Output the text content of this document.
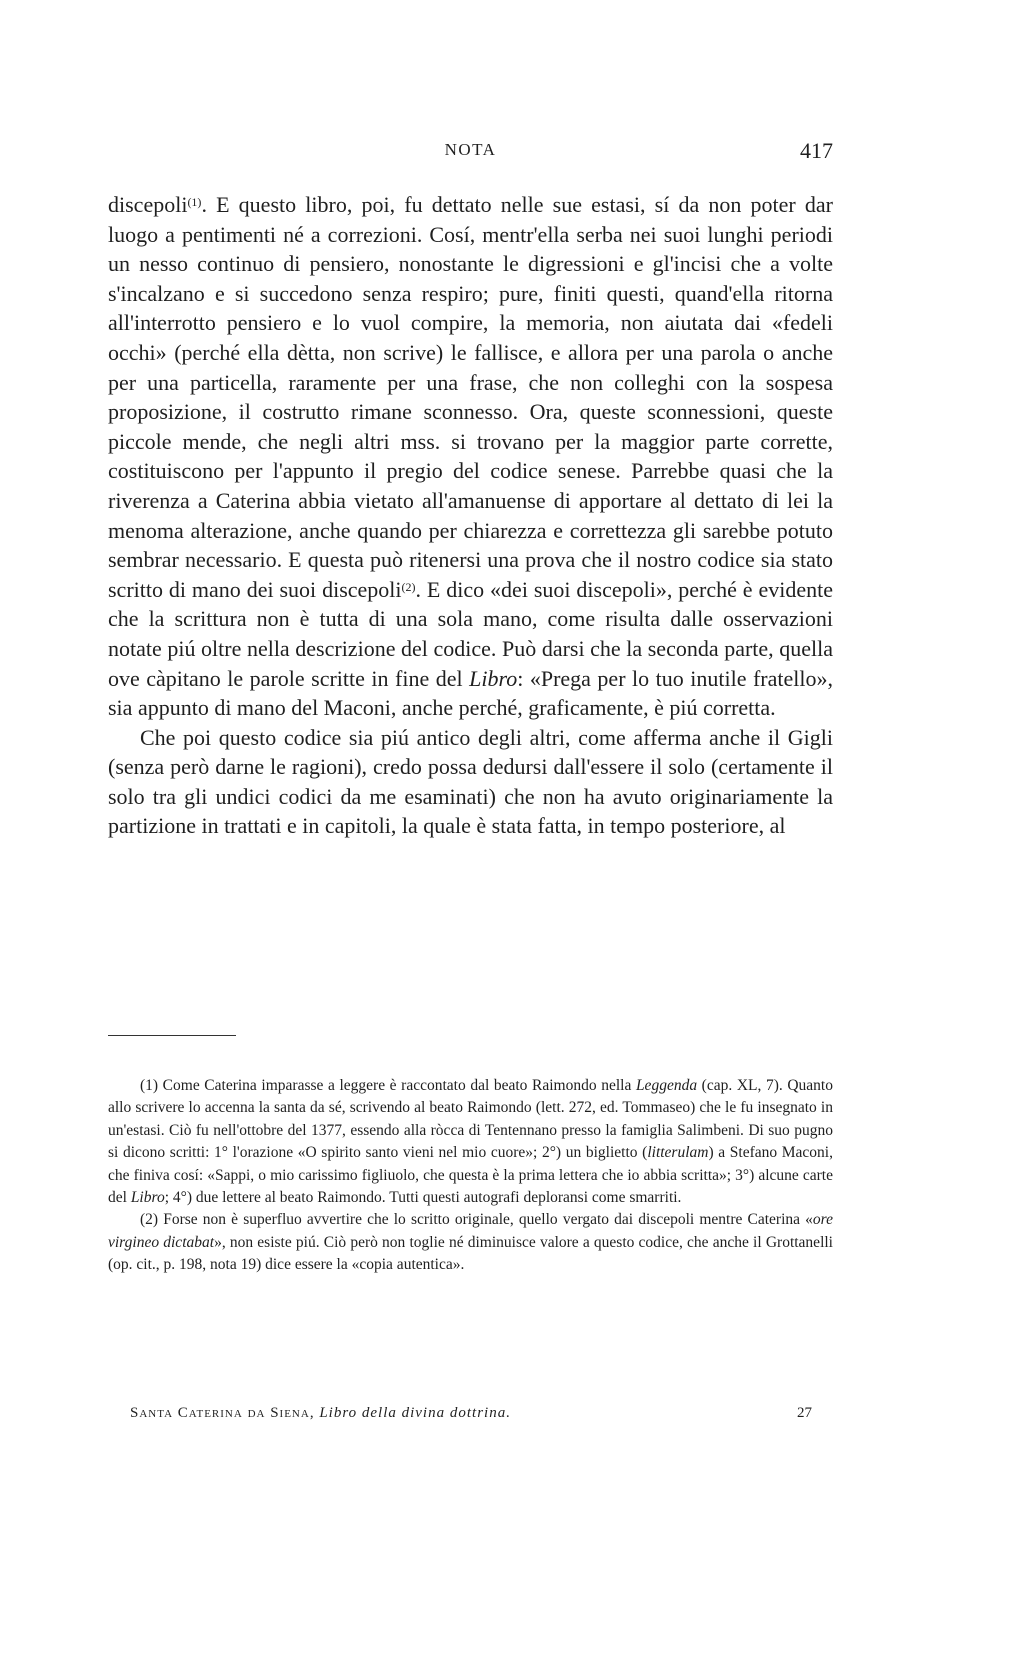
NOTA	417

discepoli$^{(1)}$. E questo libro, poi, fu dettato nelle sue estasi, sí da non poter dar luogo a pentimenti né a correzioni. Cosí, mentr'ella serba nei suoi lunghi periodi un nesso continuo di pensiero, nonostante le digressioni e gl'incisi che a volte s'incalzano e si succedono senza respiro; pure, finiti questi, quand'ella ritorna all'interrotto pensiero e lo vuol compire, la memoria, non aiutata dai «fedeli occhi» (perché ella dètta, non scrive) le fallisce, e allora per una parola o anche per una particella, raramente per una frase, che non colleghi con la sospesa proposizione, il costrutto rimane sconnesso. Ora, queste sconnessioni, queste piccole mende, che negli altri mss. si trovano per la maggior parte corrette, costituiscono per l'appunto il pregio del codice senese. Parrebbe quasi che la riverenza a Caterina abbia vietato all'amanuense di apportare al dettato di lei la menoma alterazione, anche quando per chiarezza e correttezza gli sarebbe potuto sembrar necessario. E questa può ritenersi una prova che il nostro codice sia stato scritto di mano dei suoi discepoli$^{(2)}$. E dico «dei suoi discepoli», perché è evidente che la scrittura non è tutta di una sola mano, come risulta dalle osservazioni notate piú oltre nella descrizione del codice. Può darsi che la seconda parte, quella ove càpitano le parole scritte in fine del Libro: «Prega per lo tuo inutile fratello», sia appunto di mano del Maconi, anche perché, graficamente, è piú corretta.

Che poi questo codice sia piú antico degli altri, come afferma anche il Gigli (senza però darne le ragioni), credo possa dedursi dall'essere il solo (certamente il solo tra gli undici codici da me esaminati) che non ha avuto originariamente la partizione in trattati e in capitoli, la quale è stata fatta, in tempo posteriore, al

(1) Come Caterina imparasse a leggere è raccontato dal beato Raimondo nella Leggenda (cap. XL, 7). Quanto allo scrivere lo accenna la santa da sé, scrivendo al beato Raimondo (lett. 272, ed. Tommaseo) che le fu insegnato in un'estasi. Ciò fu nell'ottobre del 1377, essendo alla ròcca di Tentennano presso la famiglia Salimbeni. Di suo pugno si dicono scritti: 1° l'orazione «O spirito santo vieni nel mio cuore»; 2°) un biglietto (litterulam) a Stefano Maconi, che finiva cosí: «Sappi, o mio carissimo figliuolo, che questa è la prima lettera che io abbia scritta»; 3°) alcune carte del Libro; 4°) due lettere al beato Raimondo. Tutti questi autografi deploransi come smarriti.

(2) Forse non è superfluo avvertire che lo scritto originale, quello vergato dai discepoli mentre Caterina «ore virgineo dictabat», non esiste piú. Ciò però non toglie né diminuisce valore a questo codice, che anche il Grottanelli (op. cit., p. 198, nota 19) dice essere la «copia autentica».

Santa Caterina da Siena, Libro della divina dottrina.	27
